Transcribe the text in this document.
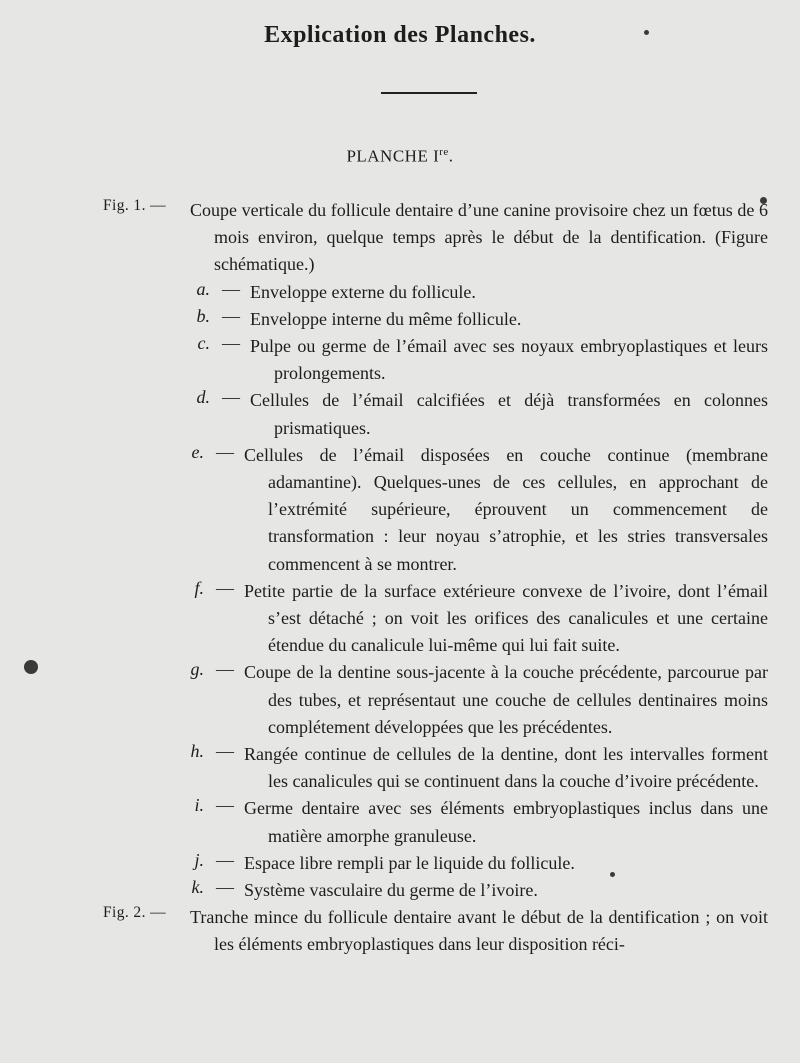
Explication des Planches.
PLANCHE Ire.
Fig. 1. — Coupe verticale du follicule dentaire d’une canine provisoire chez un fœtus de 6 mois environ, quelque temps après le début de la dentification. (Figure schématique.)
a. — Enveloppe externe du follicule.
b. — Enveloppe interne du même follicule.
c. — Pulpe ou germe de l’émail avec ses noyaux embryoplastiques et leurs prolongements.
d. — Cellules de l’émail calcifiées et déjà transformées en colonnes prismatiques.
e. — Cellules de l’émail disposées en couche continue (membrane adamantine). Quelques-unes de ces cellules, en approchant de l’extrémité supérieure, éprouvent un commencement de transformation : leur noyau s’atrophie, et les stries transversales commencent à se montrer.
f. — Petite partie de la surface extérieure convexe de l’ivoire, dont l’émail s’est détaché ; on voit les orifices des canalicules et une certaine étendue du canalicule lui-même qui lui fait suite.
g. — Coupe de la dentine sous-jacente à la couche précédente, parcourue par des tubes, et représentaut une couche de cellules dentinaires moins complétement développées que les précédentes.
h. — Rangée continue de cellules de la dentine, dont les intervalles forment les canalicules qui se continuent dans la couche d’ivoire précédente.
i. — Germe dentaire avec ses éléments embryoplastiques inclus dans une matière amorphe granuleuse.
j. — Espace libre rempli par le liquide du follicule.
k. — Système vasculaire du germe de l’ivoire.
Fig. 2. — Tranche mince du follicule dentaire avant le début de la dentification ; on voit les éléments embryoplastiques dans leur disposition réci-
